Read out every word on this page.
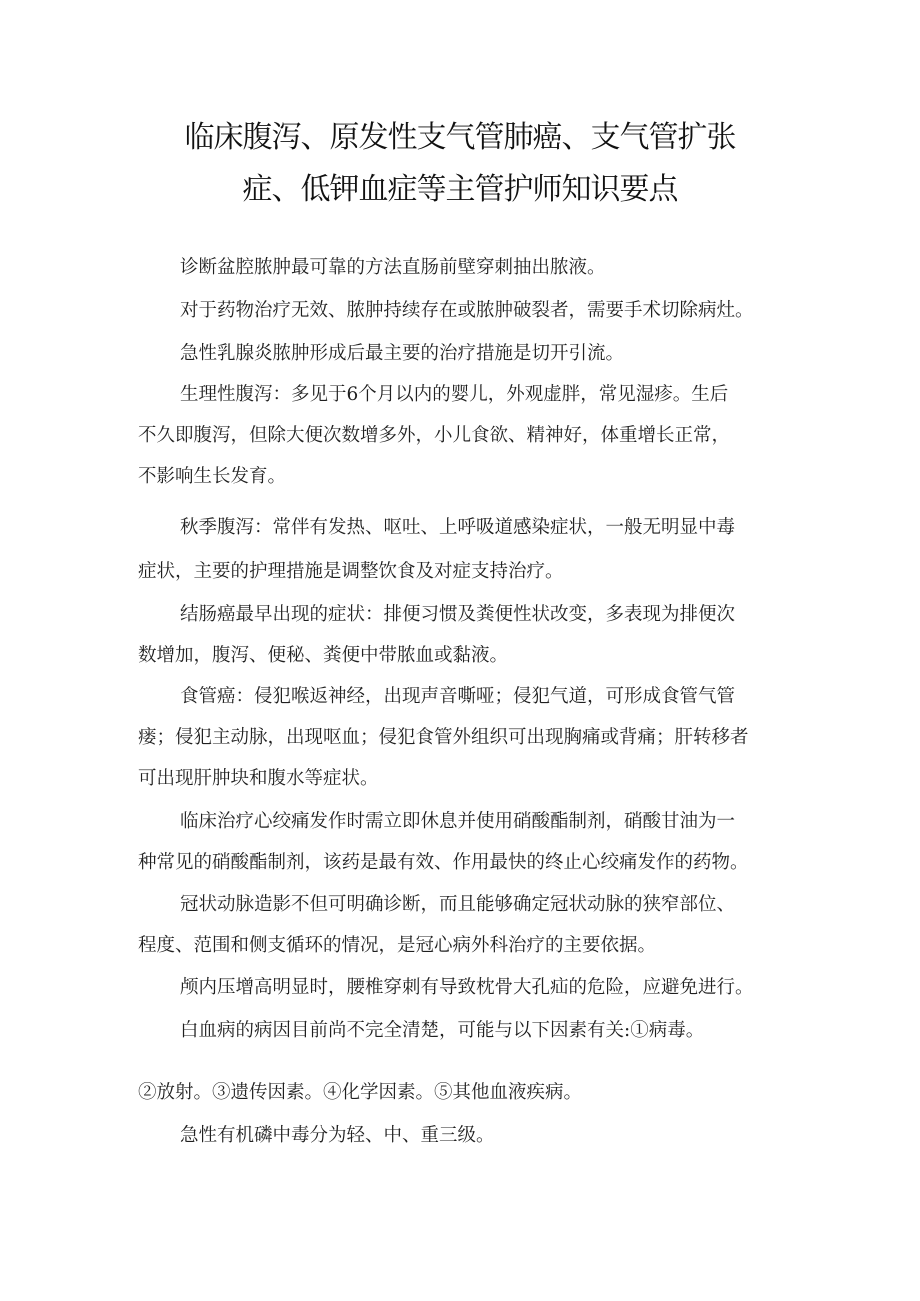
临床腹泻、原发性支气管肺癌、支气管扩张
症、低钾血症等主管护师知识要点
诊断盆腔脓肿最可靠的方法直肠前壁穿刺抽出脓液。
对于药物治疗无效、脓肿持续存在或脓肿破裂者，需要手术切除病灶。
急性乳腺炎脓肿形成后最主要的治疗措施是切开引流。
生理性腹泻：多见于6个月以内的婴儿，外观虚胖，常见湿疹。生后
不久即腹泻，但除大便次数增多外，小儿食欲、精神好，体重增长正常，
不影响生长发育。
秋季腹泻：常伴有发热、呕吐、上呼吸道感染症状，一般无明显中毒
症状，主要的护理措施是调整饮食及对症支持治疗。
结肠癌最早出现的症状：排便习惯及粪便性状改变，多表现为排便次
数增加，腹泻、便秘、粪便中带脓血或黏液。
食管癌：侵犯喉返神经，出现声音嘶哑；侵犯气道，可形成食管气管
瘘；侵犯主动脉，出现呕血；侵犯食管外组织可出现胸痛或背痛；肝转移者
可出现肝肿块和腹水等症状。
临床治疗心绞痛发作时需立即休息并使用硝酸酯制剂，硝酸甘油为一
种常见的硝酸酯制剂，该药是最有效、作用最快的终止心绞痛发作的药物。
冠状动脉造影不但可明确诊断，而且能够确定冠状动脉的狭窄部位、
程度、范围和侧支循环的情况，是冠心病外科治疗的主要依据。
颅内压增高明显时，腰椎穿刺有导致枕骨大孔疝的危险，应避免进行。
白血病的病因目前尚不完全清楚，可能与以下因素有关:①病毒。
②放射。③遗传因素。④化学因素。⑤其他血液疾病。
急性有机磷中毒分为轻、中、重三级。
